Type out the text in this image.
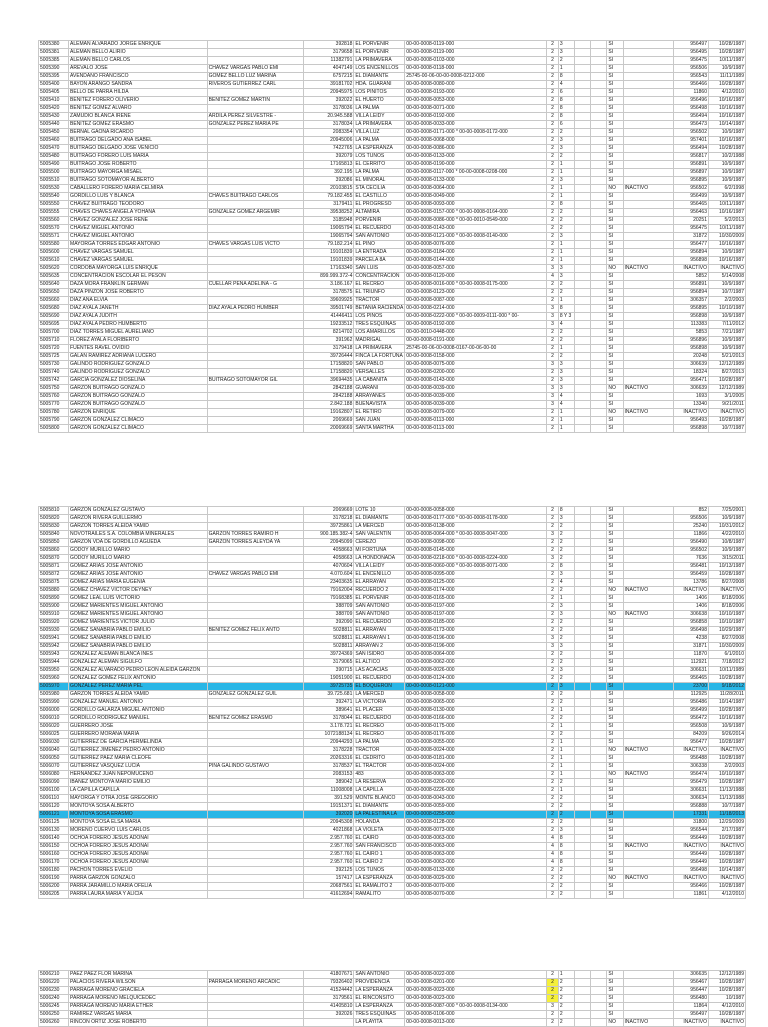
5005380	ALEMAN ALVARADO JORGE ENRIQUE		392818	EL PORVENIR	00-00-0008-0119-000	2	3			SI		956497	10/28/1987
5005381	ALEMAN BELLO ALIRIO		3179658	EL PORVENIR	00-00-0008-0119-000	2	3			SI		956495	10/28/1987
5005385	ALEMAN BELLO CARLOS		11382791	LA PRIMAVERA	00-00-0008-0103-000	2	2			SI		956475	10/11/1987
5005390	AREVALO JOSE	CHAVEZ VARGAS PABLO EMI	4047149	LOS ENCENILLOS	00-00-0008-0118-000	2	1			SI		956506	10/9/1987
5005395	AVENDAÑO FRANCISCO	GOMEZ BELLO LUZ MARINA	6757215	EL DIAMANTE	25745-00-06-00-00-0008-0212-000	2	8			SI		956543	11/11/1989
5005400	BAYON ARANGO SANDRA	RIVEROS GUTIERREZ CARL	39181702	HDA. GUARANI	00-00-0008-0080-000	2	4			SI		956466	10/28/1987
5005405	BELLO DE PARRA HILDA		20945975	LOS PINITOS	00-00-0008-0193-000	2	6			SI		11860	4/12/2010
5005410	BENITEZ FORERO OLIVERIO	BENITEZ GOMEZ MARTIN	392022	EL HUERTO	00-00-0008-0053-000	2	8			SI		956496	10/16/1987
5005420	BENITEZ GOMEZ ALVARO		3178036	LA PALMA	00-00-0008-0071-000	2	8			SI		956498	10/16/1987
5005430	ZAMUDIO BLANCA IRENE	ARDILA PEREZ SILVESTRE -	20.945.588	VILLA LEIDY	00-00-0008-0192-000	2	8			SI		956494	10/16/1987
5005440	BENITEZ GOMEZ ERASMO	GONZALEZ PEREZ MARIA PE	3178034	LA PRIMAVERA	00-00-0008-0033-000	2	6			SI		956473	10/14/1987
5005450	BERNAL GAONA RICARDO		2083354	VILLA LUZ	00-00-0008-0171-000 * 00-00-0008-0172-000	2	2			SI		956502	10/9/1987
5005460	BUITRAGO DELGADO ANA ISABEL		20945006	LA PALMA	00-00-0008-0068-000	2	3			SI		957401	10/16/1987
5005470	BUITRAGO DELGADO JOSE VENICIO		7422765	LA ESPERANZA	00-00-0008-0086-000	2	3			SI		956494	10/28/1987
5005480	BUITRAGO FORERO LUIS MARIA		392079	LOS TUNOS	00-00-0008-0133-000	2	2			SI		956817	10/2/1988
5005490	BUITRAGO JOSE ROBERTO		17165813	EL CERRITO	00-00-0008-0190-000	2	1			SI		956891	10/9/1987
5005500	BUITRAGO MAYORGA MISAEL		392.195	LA PALMA	00-00-0008-0117-000 * 00-00-0008-0208-000	2	1			SI		956897	10/9/1987
5005510	BUITRAGO SOTOMAYOR ALBERTO		392086	EL MINORAL	00-00-0008-0133-000	2	3			SI		956895	10/9/1987
5005530	CABALLERO FORERO MARIA CELMIRA		20103815	STA CECILIA	00-00-0008-0064-000	2	1			NO	INACTIVO	956502	6/2/1998
5005540	GORDILLO LUIS Y BLANCA	CHAVES BUITRAGO CARLOS	79.182.455	EL CASTILLO	00-00-0008-0049-000	2	1			SI		956499	10/9/1987
5005550	CHAVEZ BUITRAGO TEODORO		3179411	EL PROGRESO	00-00-0008-0093-000	2	8			SI		956465	10/11/1987
5005555	CHAVES CHAVES ANGELA YOHANA	GONZALEZ GOMEZ ARGEMIR	39538252	ALTAMIRA	00-00-0008-0157-000 * 00-00-0008-0164-000	2	2			SI		956463	10/16/1987
5005560	CHAVEZ GONZALEZ JOSE RENE		3185948	PORVENIR	00-00-0008-0086-000 * 00-00-0010-0549-000	2	2			SI		20251	5/2/2013
5005570	CHAVEZ MIGUEL ANTONIO		19065794	EL RECUERDO	00-00-0008-0143-000	2	2			SI		956475	10/11/1987
5005571	CHAVEZ MIGUEL ANTONIO		19065794	SAN ANTONIO	00-00-0008-0121-000 * 00-00-0008-0140-000	2	3			SI		31872	10/30/2009
5005580	MAYORGA TORRES EDGAR ANTONIO	CHAVES VARGAS LUIS VICTO	79.182.214	EL PINO	00-00-0008-0076-000	2	1			SI		956477	10/16/1987
5005600	CHAVEZ VARGAS SAMUEL		19101839	LA ENTRADA	00-00-0008-0184-000	2	1			SI		956894	10/9/1987
5005610	CHAVEZ VARGAS SAMUEL		19101839	PARCELA 8A	00-00-0008-0144-000	2	1			SI		956898	10/16/1987
5005620	CORDOBA MAYORGA LUIS ENRIQUE		17163340	SAN LUIS	00-00-0008-0057-000	3	3			NO	INACTIVO	INACTIVO	INACTIVO
5005635	CONCENTRACION ESCOLAR EL PESON		899.999.372-4	CONCENTRACION	00-00-0008-0120-000	4	3			SI		5852	5/14/2008
5005640	DAZA MORA FRANKLIN GERMAN	CUELLAR PEÑA ADELINA - G	3.186.167	EL RECREO	00-00-0008-0016-000 * 00-00-0008-0175-000	2	2			SI		956891	10/9/1987
5005650	DAZA PINZON JOSE ROBERTO		3178575	EL TRIUNFO	00-00-0008-0123-000	2	2			SI		956894	10/7/1987
5005660	DIAZ ANA ELVIA		39609925	TRACTOR	00-00-0008-0087-000	2	1			SI		306357	2/2/2003
5005680	DIAZ AYALA JANETH	DIAZ AYALA PEDRO HUMBER	39501749	BETANIA RACIENDA	00-00-0008-0214-000	3	8			SI		956895	10/10/1987
5005690	DIAZ AYALA JUDITH		41446411	LOS PINOS	00-00-0008-0222-000 * 00-00-0009-0111-000 * 00-	3	8 Y 3			SI		956898	10/9/1987
5005695	DIAZ AYALA PEDRO HUMBERTO		19233512	TRES ESQUINAS	00-00-0008-0192-000	3	4			SI		113383	7/11/2012
5005700	DIAZ TORRES MIGUEL AURELIANO		8214702	LOS AMARILLOS	00-00-0010-0448-000	2	2			SI		5853	7/21/1987
5005710	FLOREZ AYALA FLORIBERTO		391962	MADRIGAL	00-00-0008-0191-000	2	2			SI		956896	10/9/1987
5005720	FUENTES RAVEL OVIDIO		3179418	LA PRIMAVERA	25745-00-06-00-0008-0167-00-06-00-00	2	1			SI		956898	10/9/1987
5005725	GALAN RAMIREZ ADRIANA LUCERO		39726444	FINCA LA FORTUNA	00-00-0008-0158-000	2	2			SI		20248	5/21/2013
5005730	GALINDO RODRIGUEZ GONZALO		17158820	SAN PABLO	00-00-0008-0075-000	3	3			SI		306639	12/12/1989
5005740	GALINDO RODRIGUEZ GONZALO		17158820	VERSALLES	00-00-0008-0200-000	2	3			SI		18324	8/27/2013
5005742	GARCIA GONZALEZ DIOSELINA	BUITRAGO SOTOMAYOR GIL	39694435	LA CABAÑITA	00-00-0008-0143-000	2	3			SI		956471	10/28/1987
5005750	GARZON BUITRAGO GONZALO		2842188	GUARANI	00-00-0008-0039-000	3	3			NO	INACTIVO	306639	12/12/1989
5005760	GARZON BUITRAGO GONZALO		2842188	ARRAYANES	00-00-0008-0039-000	3	4			SI		1693	3/1/2005
5005770	GARZON BUITRAGO GONZALO		2.842.188	BUENAVISTA	00-00-0008-0039-000	3	4			SI		13340	9/21/2011
5005780	GARZON ENRIQUE		19162807	EL RETIRO	00-00-0008-0079-000	2	1			NO	INACTIVO	INACTIVO	INACTIVO
5005790	GARZON GONZALEZ CLIMACO		2069669	SAN JUAN	00-00-0008-0113-000	2	1			SI		956493	10/28/1987
5005800	GARZON GONZALEZ CLIMACO		20069669	SANTA MARTHA	00-00-0008-0113-000	2	1			SI		956898	10/7/1987
5005810	GARZON GONZALEZ GUSTAVO		2069669	LOTE 10	00-00-0008-0058-000	2	8			SI		852	7/25/2001
5005820	GARZON RIVERA GUILLERMO		3178218	EL DIAMANTE	00-00-0008-0177-000 * 00-00-0008-0178-000	2	3			SI		956506	10/9/1987
5005830	GARZON TORRES ALEIDA YAMID		39725861	LA MERCED	00-00-0008-0138-000	2	2			SI		25240	10/31/2012
5005840	NOVOTRAILES S.A. COLOMBIA MINERALES	GARZON TORRES RAMIRO H	900.185.382-4	SAN VALENTIN	00-00-0008-0064-000 * 00-00-0008-0047-000	3	2			SI		11866	4/22/2010
5005850	GARZON VDA DE GORDILLO AGUEDA	GARZON TORRES ALEYDA YA	20945099	CEREZO	00-00-0008-0098-000	2	2			SI		956490	10/8/1987
5005860	GODOY MURILLO MARIO		4058663	MI FORTUNA	00-00-0008-0145-000	2	2			SI		956502	10/9/1987
5005870	GODOY MURILLO MARIO		4058663	LA HONDONADA	00-00-0008-0218-000 * 00-00-0008-0224-000	3	2			SI		7636	3/15/2011
5005871	GOMEZ ARIAS JOSE ANTONIO		4070604	VILLA LEIDY	00-00-0008-0060-000 * 00-00-0008-0071-000	2	8			SI		956481	10/13/1987
5005872	GOMEZ ARIAS JOSE ANTONIO	CHAVEZ VARGAS PABLO EMI	4.070.604	EL ENCENILLO	00-00-0008-0095-000	2	3			SI		956459	10/28/1987
5005875	GOMEZ ARIAS MARIA EUGENIA		23403635	EL ARRAYAN	00-00-0008-0125-000	2	4			SI		13786	8/27/2008
5005880	GOMEZ CHAVEZ VICTOR DEYNEY		79162004	RECUERDO 2	00-00-0008-0174-000	2	2			NO	INACTIVO	INACTIVO	INACTIVO
5005890	GOMEZ LEAL LUIS VICTORIO		79168385	EL PORVENIR	00-00-0008-0165-000	2	1			SI		1406	8/18/2006
5005900	GOMEZ MARIENTES MIGUEL ANTONIO		388709	SAN ANTONIO	00-00-0008-0197-000	2	3			SI		1406	8/18/2006
5005910	GOMEZ MARIENTES MIGUEL ANTONIO		388709	SAN ANTONIO	00-00-0008-0197-000	2	3			NO	INACTIVO	306638	10/10/1987
5005920	GOMEZ MARIENTES VICTOR JULIO		392090	EL RECUERDO	00-00-0008-0185-000	2	2			SI		956858	10/10/1987
5005930	GOMEZ SANABRIA PABLO EMILIO	BENITEZ GOMEZ FELIX ANTO	5028811	EL ARRAYAN	00-00-0008-0173-000	2	2			SI		956498	10/29/1987
5005941	GOMEZ SANABRIA PABLO EMILIO		5028811	EL ARRAYAN 1	00-00-0008-0196-000	3	2			SI		4238	8/27/2008
5005942	GOMEZ SANABRIA PABLO EMILIO		5028811	ARRAYAN 2	00-00-0008-0196-000	3	3			SI		31871	10/30/2009
5005943	GONZALEZ ALEMAN BLANCA INES		39724369	SAN ISIDRO	00-00-0008-0064-000	2	2			SI		11870	6/1/2010
5005944	GONZALEZ ALEMAN SIGULFO		3179065	EL ALTICO	00-00-0008-0062-000	2	2			SI		112921	7/18/2012
5005950	GONZALEZ ALVARADO PEDRO LEON ALEIDA GARZON		390715	LAS ACACIAS	00-00-0008-0026-000	2	3			SI		306631	10/11/1989
5005960	GONZALEZ GOMEZ FELIX ANTONIO		19051900	EL RECUERDO	00-00-0008-0124-000	2	2			SI		956465	10/28/1987
5005970	GONZALEZ PEREZ MARIA PEL		39725735	EL BOQUERON	00-00-0008-0121-000	2	3			SI		23700	9/18/2012
5005980	GARZON TORRES ALEIDA YAMID	GONZALEZ GONZALEZ GUIL	39.725.681	LA MERCED	00-00-0008-0058-000	2	2			SI		112925	11/28/2011
5005990	GONZALEZ MANUEL ANTONIO		392471	LA VICTORIA	00-00-0008-0065-000	2	2			SI		956486	10/14/1987
5006000	GORDILLO GALARZA MIGUEL ANTONIO		389641	EL PLACER	00-00-0008-0130-000	2	1			SI		956499	10/28/1987
5006010	GORDILLO RODRIGUEZ MANUEL	BENITEZ GOMEZ ERASMO	3178044	EL RECUERDO	00-00-0008-0166-000	2	2			SI		956472	10/16/1987
5006020	GUERRERO JOSE		3.178.721	EL RECREO	00-00-0008-0175-000	2	1			SI		956508	10/9/1987
5006025	GUERRERO MORAÑA MARIA		1072188134	EL RECREO	00-00-0008-0176-000	2	2			SI		84209	9/26/2014
5006030	GUTIERREZ DE GARCIA HERMELINDA		20944293	LA PALMA	00-00-0008-0055-000	2	1			SI		956477	10/28/1987
5006040	GUTIERREZ JIMENEZ PEDRO ANTONIO		3178228	TRACTOR	00-00-0008-0024-000	2	1			NO	INACTIVO	INACTIVO	INACTIVO
5006050	GUTIERREZ PAEZ MARIA CLEOFE		20263316	EL CEDRITO	00-00-0008-0181-000	2	1			SI		956488	10/28/1987
5006070	GUTIERREZ VASQUEZ LUCIA	PIÑA GALINDO GUSTAVO	3178537	EL TRACTOR	00-00-0008-0024-000	2	1			SI		306338	2/2/2003
5006080	HERNANDEZ JUAN NEPOMUCENO		2083153	483	00-00-0008-0063-000	2	1			NO	INACTIVO	956474	10/10/1987
5006090	IBAÑEZ MONTOYA MARIO EMILIO		389042	LA RESERVA	00-00-0008-0200-000	2	2			SI		956479	10/28/1987
5006100	LA CAPILLA CAPILLA		11008008	LA CAPILLA	00-00-0008-0226-000	2	1			SI		306631	11/13/1988
5006110	MAYORGA Y OTRA JOSE GREGORIO		391.529	MONTE BLANCO	00-00-0008-0043-000	2	2			SI		306634	11/13/1988
5006120	MONTOYA SOSA ALBERTO		19151371	EL DIAMANTE	00-00-0008-0059-000	2	2			SI		956888	10/7/1987
5006121	MONTOYA SOSA ERASMO		392020	LA PALESTINA LA	00-00-0008-0255-000	2	2			SI		17331	11/18/2013
5006125	MONTOYA SOSA ELSA MARIA		20945308	HOLANDA	00-00-0008-0128-000	2	2			SI		31800	12/29/2009
5006130	MORENO CUERVO LUIS CARLOS		4021868	LA VIOLETA	00-00-0008-0073-000	2	3			SI		956544	2/17/1987
5006140	OCHOA FORERO JESUS ADONAI		2.957.760	EL CAIRO	00-00-0008-0063-000	4	8			SI		956449	10/28/1987
5006150	OCHOA FORERO JESUS ADONAI		2.957.760	SAN FRANCISCO	00-00-0008-0063-000	4	8			SI	INACTIVO	INACTIVO	INACTIVO
5006160	OCHOA FORERO JESUS ADONAI		2.957.760	EL CAIRO 1	00-00-0008-0063-000	4	8			SI		956449	10/28/1987
5006170	OCHOA FORERO JESUS ADONAI		2.957.760	EL CAIRO 2	00-00-0008-0063-000	4	8			SI		956449	10/28/1987
5006180	PACHON TORRES EVELIO		392125	LOS TUNOS	00-00-0008-0133-000	2	2			SI		956498	10/14/1987
5006190	PARRA GARZON GONZALO		157417	LA ESPERANZA	00-00-0008-0029-000	2	2			NO	INACTIVO	INACTIVO	INACTIVO
5006200	PARRA JARAMILLO MARIA OFELIA		20687561	EL RAMALITO 2	00-00-0008-0070-000	2	2			SI		956466	10/28/1987
5006205	PARRA LAURA MARIA Y ALICIA		41612694	RAMALITO	00-00-0008-0070-000	2	2			SI		11861	4/12/2010
5006210	PAEZ PAEZ FLOR MARINA		41807671	SAN ANTONIO	00-00-0008-0022-000	2	1			SI		306635	12/12/1989
5006220	PALACIOS RIVERA WILSON	PARRAGA MORENO ARCADIC	79326402	PROVIDENCIA	00-00-0008-0201-000	2	2			SI		956467	10/28/1987
5006230	PARRAGA MORENO GRACIELA		41524442	LA ESPERANZA	00-00-0008-0023-000	2	2			SI		956447	10/28/1987
5006240	PARRAGA MORENO MELQUICEDEC		3179561	EL RINCONSITO	00-00-0008-0023-000	2	2			SI		956480	10/1987
5006245	PARRAGA MORENO MARIA ETHER		41405810	LA ESPERANZA	00-00-0008-0087-000 * 00-00-0008-0134-000	3	2			SI		11864	4/12/2010
5006250	RAMIREZ VARGAS MARIA		392026	TRES ESQUINAS	00-00-0008-0106-000	2	2			SI		956497	10/28/1987
5006260	RINCON ORTIZ JOSE ROBERTO			LA PLAYITA	00-00-0008-0013-000	2	2			NO	INACTIVO	INACTIVO	INACTIVO
